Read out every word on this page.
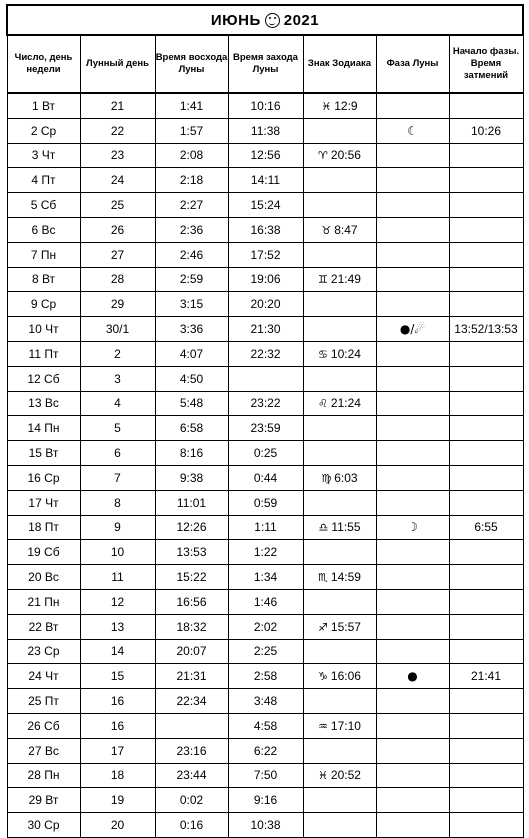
ИЮНЬ 2021						
Число, день недели	Лунный день	Время восхода Луны	Время захода Луны	Знак Зодиака	Фаза Луны	Начало фазы. Время затмений
1 Вт	21	1:41	10:16	♓ 12:9		
2 Ср	22	1:57	11:38		☾	10:26
3 Чт	23	2:08	12:56	♈ 20:56		
4 Пт	24	2:18	14:11			
5 Сб	25	2:27	15:24			
6 Вс	26	2:36	16:38	♉ 8:47		
7 Пн	27	2:46	17:52			
8 Вт	28	2:59	19:06	♊ 21:49		
9 Ср	29	3:15	20:20			
10 Чт	30/1	3:36	21:30		●/☄	13:52/13:53
11 Пт	2	4:07	22:32	♋ 10:24		
12 Сб	3	4:50				
13 Вс	4	5:48	23:22	♌ 21:24		
14 Пн	5	6:58	23:59			
15 Вт	6	8:16	0:25			
16 Ср	7	9:38	0:44	♍ 6:03		
17 Чт	8	11:01	0:59			
18 Пт	9	12:26	1:11	♎ 11:55	☽	6:55
19 Сб	10	13:53	1:22			
20 Вс	11	15:22	1:34	♏ 14:59		
21 Пн	12	16:56	1:46			
22 Вт	13	18:32	2:02	♐ 15:57		
23 Ср	14	20:07	2:25			
24 Чт	15	21:31	2:58	♑ 16:06	●	21:41
25 Пт	16	22:34	3:48			
26 Сб	16		4:58	♒ 17:10		
27 Вс	17	23:16	6:22			
28 Пн	18	23:44	7:50	♓ 20:52		
29 Вт	19	0:02	9:16			
30 Ср	20	0:16	10:38			
